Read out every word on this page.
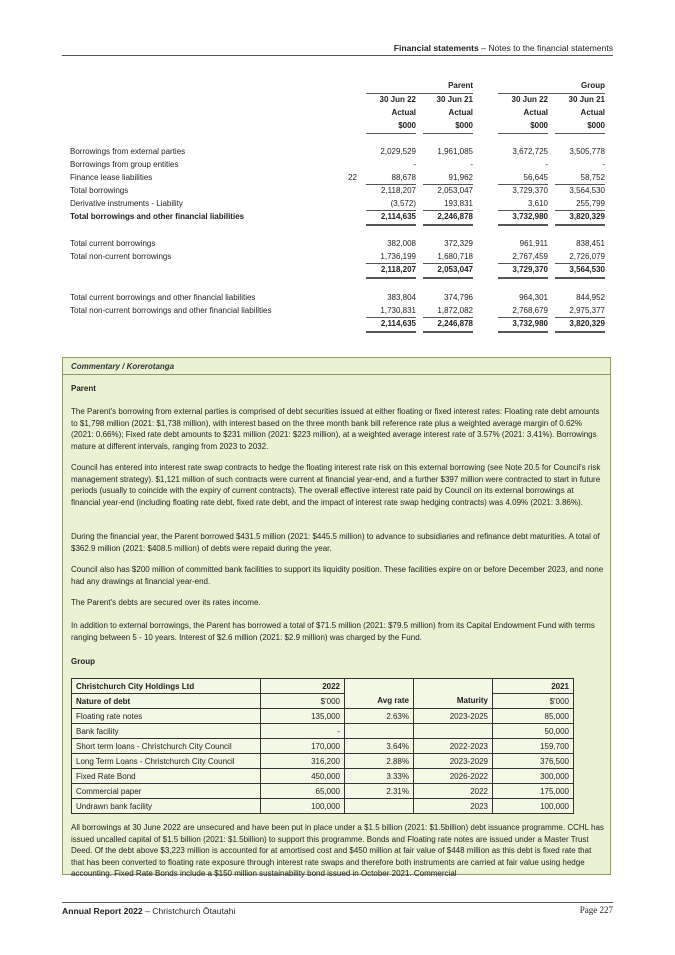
Financial statements – Notes to the financial statements
Parent	Group
30 Jun 22	30 Jun 21	30 Jun 22	30 Jun 21
Actual	Actual	Actual	Actual
$000	$000	$000	$000
Borrowings from external parties	2,029,529	1,961,085	3,672,725	3,505,778
Borrowings from group entities	-	-	-	-
Finance lease liabilities	22	88,678	91,962	56,645	58,752
Total borrowings	2,118,207	2,053,047	3,729,370	3,564,530
Derivative instruments - Liability	(3,572)	193,831	3,610	255,799
Total borrowings and other financial liabilities	2,114,635	2,246,878	3,732,980	3,820,329
Total current borrowings	382,008	372,329	961,911	838,451
Total non-current borrowings	1,736,199	1,680,718	2,767,459	2,726,079
2,118,207	2,053,047	3,729,370	3,564,530
Total current borrowings and other financial liabilities	383,804	374,796	964,301	844,952
Total non-current borrowings and other financial liabilities	1,730,831	1,872,082	2,768,679	2,975,377
2,114,635	2,246,878	3,732,980	3,820,329
Commentary / Korerotanga
Parent
The Parent's borrowing from external parties is comprised of debt securities issued at either floating or fixed interest rates: Floating rate debt amounts to $1,798 million (2021: $1,738 million), with interest based on the three month bank bill reference rate plus a weighted average margin of 0.62% (2021: 0.66%); Fixed rate debt amounts to $231 million (2021: $223 million), at a weighted average interest rate of 3.57% (2021: 3.41%). Borrowings mature at different intervals, ranging from 2023 to 2032.
Council has entered into interest rate swap contracts to hedge the floating interest rate risk on this external borrowing (see Note 20.5 for Council's risk management strategy). $1,121 million of such contracts were current at financial year-end, and a further $397 million were contracted to start in future periods (usually to coincide with the expiry of current contracts). The overall effective interest rate paid by Council on its external borrowings at financial year-end (including floating rate debt, fixed rate debt, and the impact of interest rate swap hedging contracts) was 4.09% (2021: 3.86%).
During the financial year, the Parent borrowed $431.5 million (2021: $445.5 million) to advance to subsidiaries and refinance debt maturities. A total of $362.9 million (2021: $408.5 million) of debts were repaid during the year.
Council also has $200 million of committed bank facilities to support its liquidity position. These facilities expire on or before December 2023, and none had any drawings at financial year-end.
The Parent's debts are secured over its rates income.
In addition to external borrowings, the Parent has borrowed a total of $71.5 million (2021: $79.5 million) from its Capital Endowment Fund with terms ranging between 5 - 10 years. Interest of $2.6 million (2021: $2.9 million) was charged by the Fund.
Group
Christchurch City Holdings Ltd	2022			2021
Nature of debt	$'000	Avg rate	Maturity	$'000
Floating rate notes	135,000	2.63%	2023-2025	85,000
Bank facility	-			50,000
Short term loans - Christchurch City Council	170,000	3.64%	2022-2023	159,700
Long Term Loans - Christchurch City Council	316,200	2.88%	2023-2029	376,500
Fixed Rate Bond	450,000	3.33%	2026-2022	300,000
Commercial paper	65,000	2.31%	2022	175,000
Undrawn bank facility	100,000		2023	100,000
All borrowings at 30 June 2022 are unsecured and have been put in place under a $1.5 billion (2021: $1.5billion) debt issuance programme. CCHL has issued uncalled capital of $1.5 billion (2021: $1.5billion) to support this programme. Bonds and Floating rate notes are issued under a Master Trust Deed. Of the debt above $3,223 million is accounted for at amortised cost and $450 million at fair value of $448 million as this debt is fixed rate that that has been converted to floating rate exposure through interest rate swaps and therefore both instruments are carried at fair value using hedge accounting. Fixed Rate Bonds include a $150 million sustainability bond issued in October 2021. Commercial
Annual Report 2022 – Christchurch Ōtautahi	Page 227
